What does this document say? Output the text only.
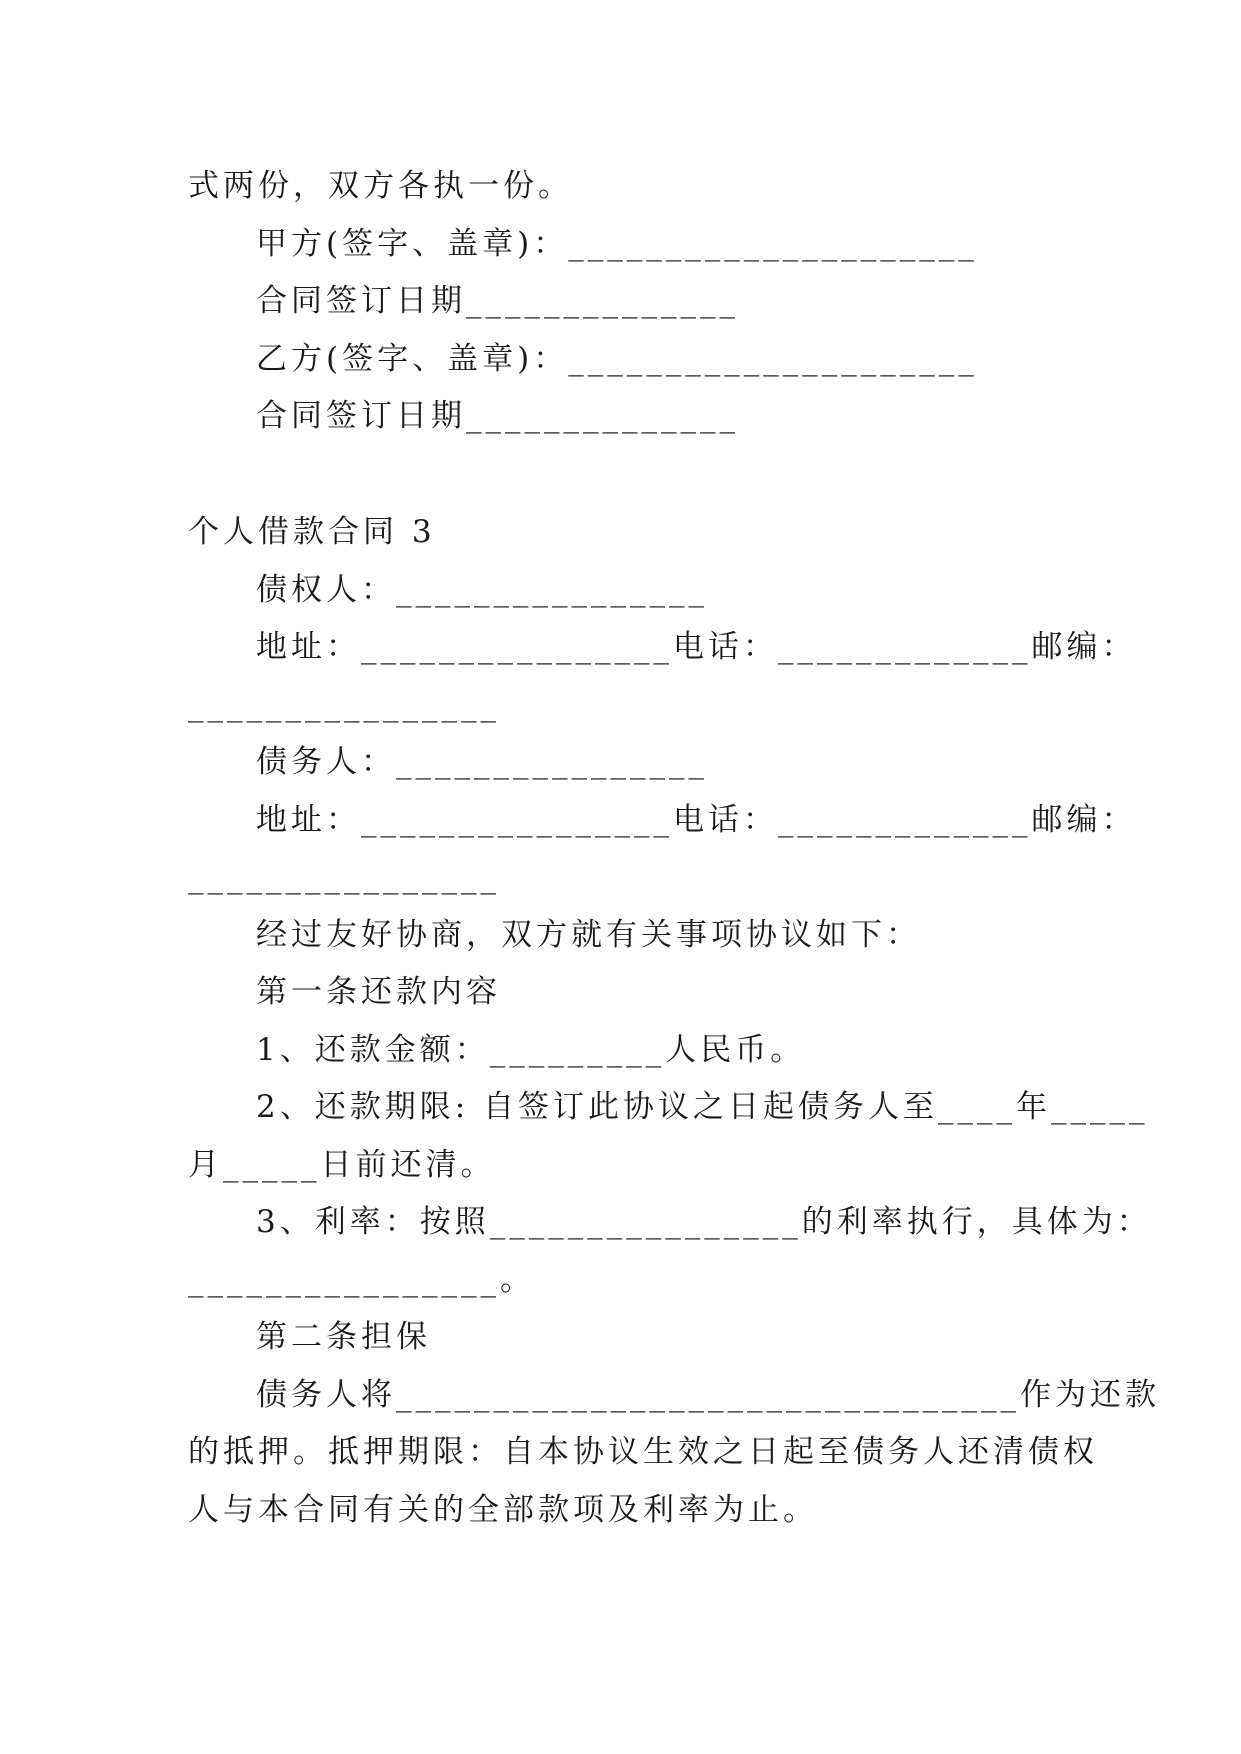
式两份，双方各执一份。
甲方(签字、盖章)：_____________________
合同签订日期______________
乙方(签字、盖章)：_____________________
合同签订日期______________
个人借款合同 3
债权人：________________
地址：________________电话：_____________邮编：
________________
债务人：________________
地址：________________电话：_____________邮编：
________________
经过友好协商，双方就有关事项协议如下：
第一条还款内容
1、还款金额：_________人民币。
2、还款期限: 自签订此协议之日起债务人至____年_____
月_____日前还清。
3、利率：按照________________的利率执行，具体为：
________________。
第二条担保
债务人将________________________________作为还款
的抵押。抵押期限：自本协议生效之日起至债务人还清债权
人与本合同有关的全部款项及利率为止。
